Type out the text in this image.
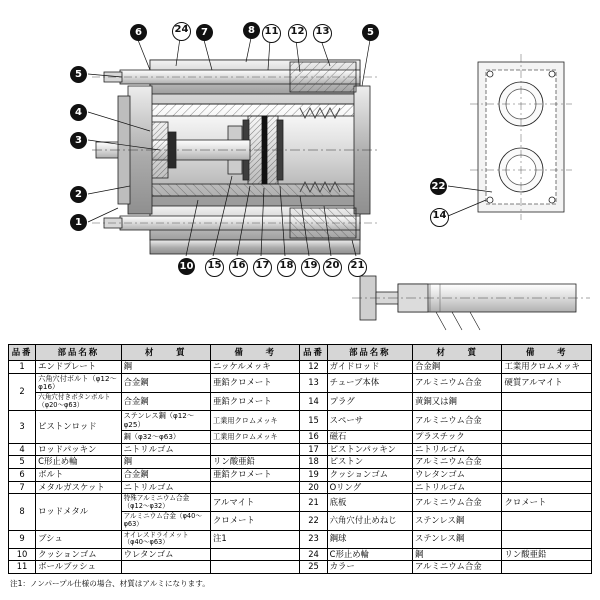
6	24	7	8 11 12 13	5
5
4
3
2
1
10 15 16 17 18 19 20 21
22
14
品番	部品名称	材　　質	備　　考	品番	部品名称	材　　質	備　　考
1	エンドプレート	鋼	ニッケルメッキ	12	ガイドロッド	合金鋼	工業用クロムメッキ
2	六角穴付ボルト（φ12～φ16）	合金鋼	亜鉛クロメート	13	チューブ本体	アルミニウム合金	硬質アルマイト
	六角穴付きボタンボルト（φ20～φ63）	合金鋼	亜鉛クロメート	14	プラグ	黄銅又は鋼	
3	ピストンロッド	ステンレス鋼（φ12～φ25）	工業用クロムメッキ	15	スペーサ	アルミニウム合金	
		鋼（φ32～φ63）	工業用クロムメッキ	16	磁石	プラスチック	
4	ロッドパッキン	ニトリルゴム		17	ピストンパッキン	ニトリルゴム	
5	C形止め輪	鋼	リン酸亜鉛	18	ピストン	アルミニウム合金	
6	ボルト	合金鋼	亜鉛クロメート	19	クッションゴム	ウレタンゴム	
7	メタルガスケット	ニトリルゴム		20	Oリング	ニトリルゴム	
8	ロッドメタル	特殊アルミニウム合金（φ12～φ32）	アルマイト	21	底板	アルミニウム合金	クロメート
		アルミニウム合金（φ40～φ63）	クロメート	22	六角穴付止めねじ	ステンレス鋼	
9	ブシュ	オイレスドライメット（φ40～φ63）	注1	23	鋼球	ステンレス鋼	
10	クッションゴム	ウレタンゴム		24	C形止め輪	鋼	リン酸亜鉛
11	ボールブッシュ			25	カラー	アルミニウム合金	
注1：ノンパープル仕様の場合、材質はアルミになります。
